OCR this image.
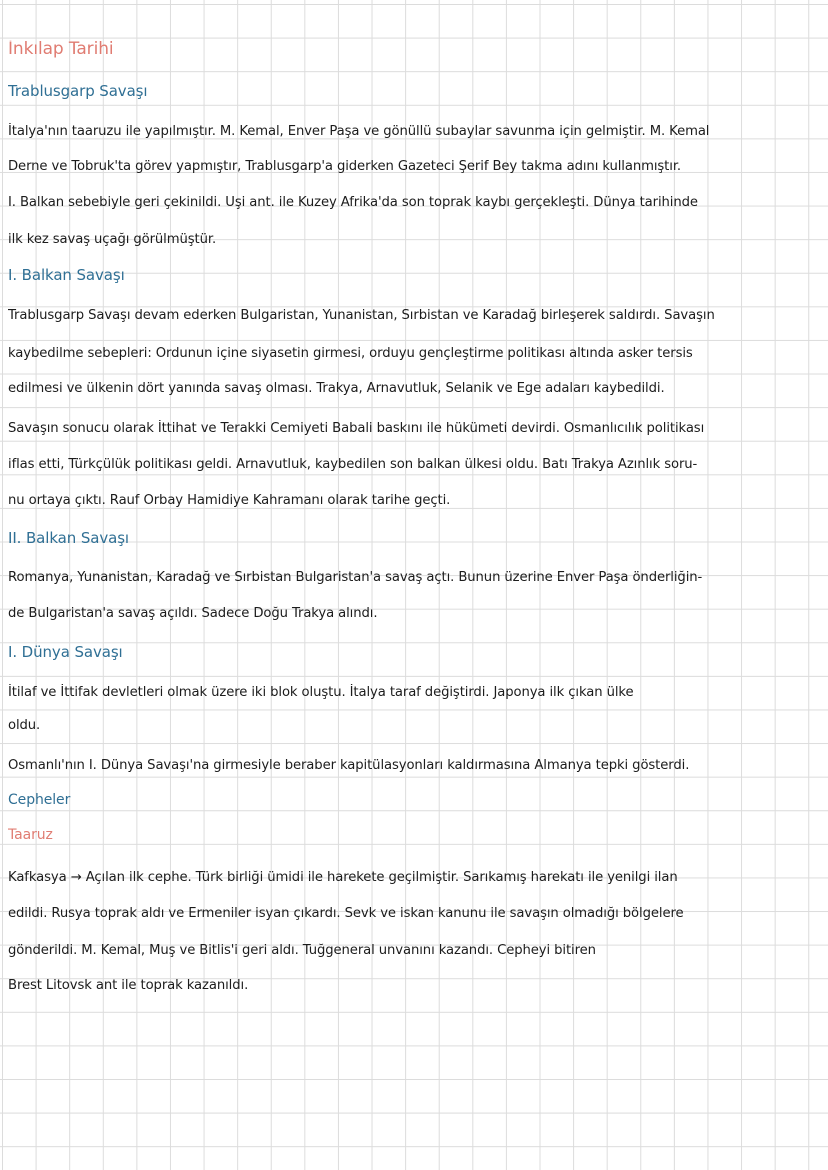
İnkılap Tarihi
Trablusgarp Savaşı
İtalya'nın taaruzu ile yapılmıştır. M. Kemal, Enver Paşa ve gönüllü subaylar savunma için gelmiştir. M. Kemal
Derne ve Tobruk'ta görev yapmıştır, Trablusgarp'a giderken Gazeteci Şerif Bey takma adını kullanmıştır.
I. Balkan sebebiyle geri çekinildi. Uşi ant. ile Kuzey Afrika'da son toprak kaybı gerçekleşti. Dünya tarihinde
ilk kez savaş uçağı görülmüştür.
I. Balkan Savaşı
Trablusgarp Savaşı devam ederken Bulgaristan, Yunanistan, Sırbistan ve Karadağ birleşerek saldırdı. Savaşın
kaybedilme sebepleri: Ordunun içine siyasetin girmesi, orduyu gençleştirme politikası altında asker tersis
edilmesi ve ülkenin dört yanında savaş olması. Trakya, Arnavutluk, Selanik ve Ege adaları kaybedildi.
Savaşın sonucu olarak İttihat ve Terakki Cemiyeti Babali baskını ile hükümeti devirdi. Osmanlıcılık politikası
iflas etti, Türkçülük politikası geldi. Arnavutluk, kaybedilen son balkan ülkesi oldu. Batı Trakya Azınlık soru-
nu ortaya çıktı. Rauf Orbay Hamidiye Kahramanı olarak tarihe geçti.
II. Balkan Savaşı
Romanya, Yunanistan, Karadağ ve Sırbistan Bulgaristan'a savaş açtı. Bunun üzerine Enver Paşa önderliğin-
de Bulgaristan'a savaş açıldı. Sadece Doğu Trakya alındı.
I. Dünya Savaşı
İtilaf ve İttifak devletleri olmak üzere iki blok oluştu. İtalya taraf değiştirdi. Japonya ilk çıkan ülke
oldu.
Osmanlı'nın I. Dünya Savaşı'na girmesiyle beraber kapitülasyonları kaldırmasına Almanya tepki gösterdi.
Cepheler
Taaruz
Kafkasya → Açılan ilk cephe. Türk birliği ümidi ile harekete geçilmiştir. Sarıkamış harekatı ile yenilgi ilan
edildi. Rusya toprak aldı ve Ermeniler isyan çıkardı. Sevk ve iskan kanunu ile savaşın olmadığı bölgelere
gönderildi. M. Kemal, Muş ve Bitlis'i geri aldı. Tuğgeneral unvanını kazandı. Cepheyi bitiren
Brest Litovsk ant ile toprak kazanıldı.
